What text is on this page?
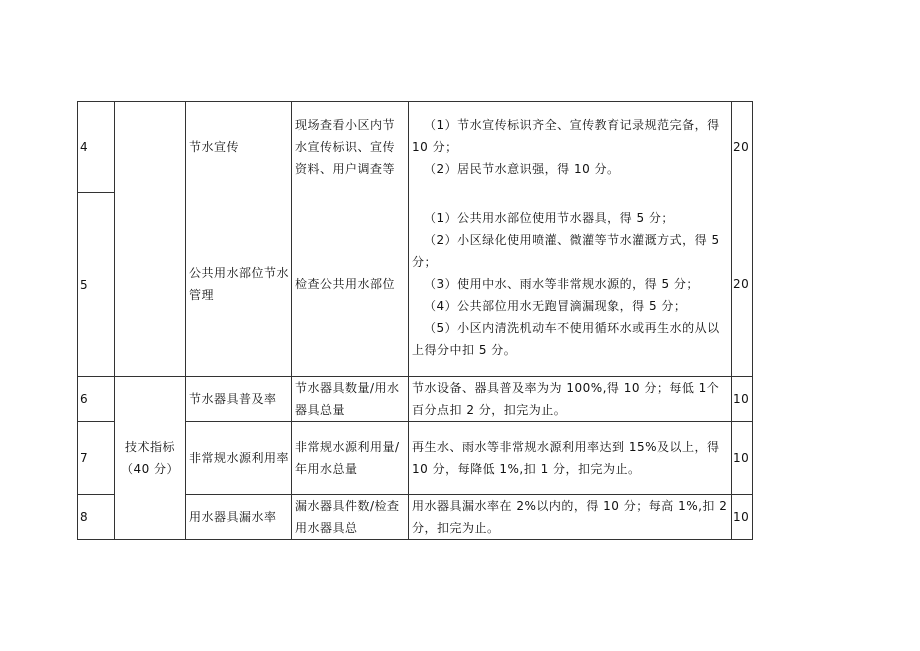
4		节水宣传	现场查看小区内节水宣传标识、宣传资料、用户调查等	（1）节水宣传标识齐全、宣传教育记录规范完备，得 10 分；
（2）居民节水意识强，得 10 分。	20
5		公共用水部位节水管理	检查公共用水部位	（1）公共用水部位使用节水器具，得 5 分；
（2）小区绿化使用喷灌、微灌等节水灌溉方式，得 5 分；
（3）使用中水、雨水等非常规水源的，得 5 分；
（4）公共部位用水无跑冒滴漏现象，得 5 分；
（5）小区内清洗机动车不使用循环水或再生水的从以上得分中扣 5 分。	20
6	技术指标
（40 分）	节水器具普及率	节水器具数量/用水器具总量	节水设备、器具普及率为为 100%,得 10 分；每低 1个百分点扣 2 分，扣完为止。	10
7		非常规水源利用率	非常规水源利用量/年用水总量	再生水、雨水等非常规水源利用率达到 15%及以上，得 10 分，每降低 1%,扣 1 分，扣完为止。	10
8		用水器具漏水率	漏水器具件数/检查用水器具总	用水器具漏水率在 2%以内的，得 10 分；每高 1%,扣 2 分，扣完为止。	10
